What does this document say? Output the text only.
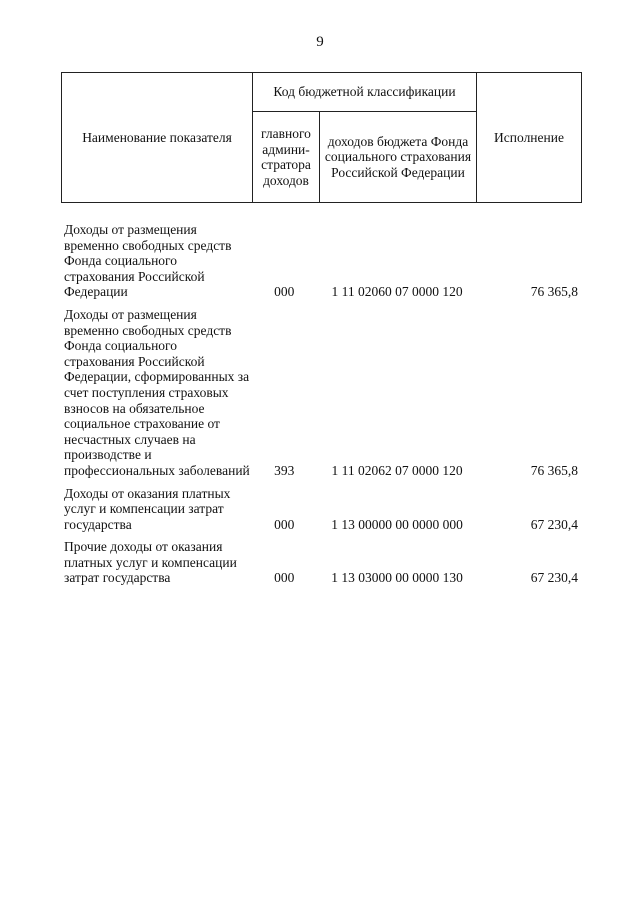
9
Наименование показателя	Код бюджетной классификации		Исполнение
	главного админи-стратора доходов	доходов бюджета Фонда социального страхования Российской Федерации	
Доходы от размещения временно свободных средств Фонда социального страхования Российской Федерации	000	1 11 02060 07 0000 120	76 365,8
Доходы от размещения временно свободных средств Фонда социального страхования Российской Федерации, сформированных за счет поступления страховых взносов на обязательное социальное страхование от несчастных случаев на производстве и профессиональных заболеваний	393	1 11 02062 07 0000 120	76 365,8
Доходы от оказания платных услуг и компенсации затрат государства	000	1 13 00000 00 0000 000	67 230,4
Прочие доходы от оказания платных услуг и компенсации затрат государства	000	1 13 03000 00 0000 130	67 230,4
